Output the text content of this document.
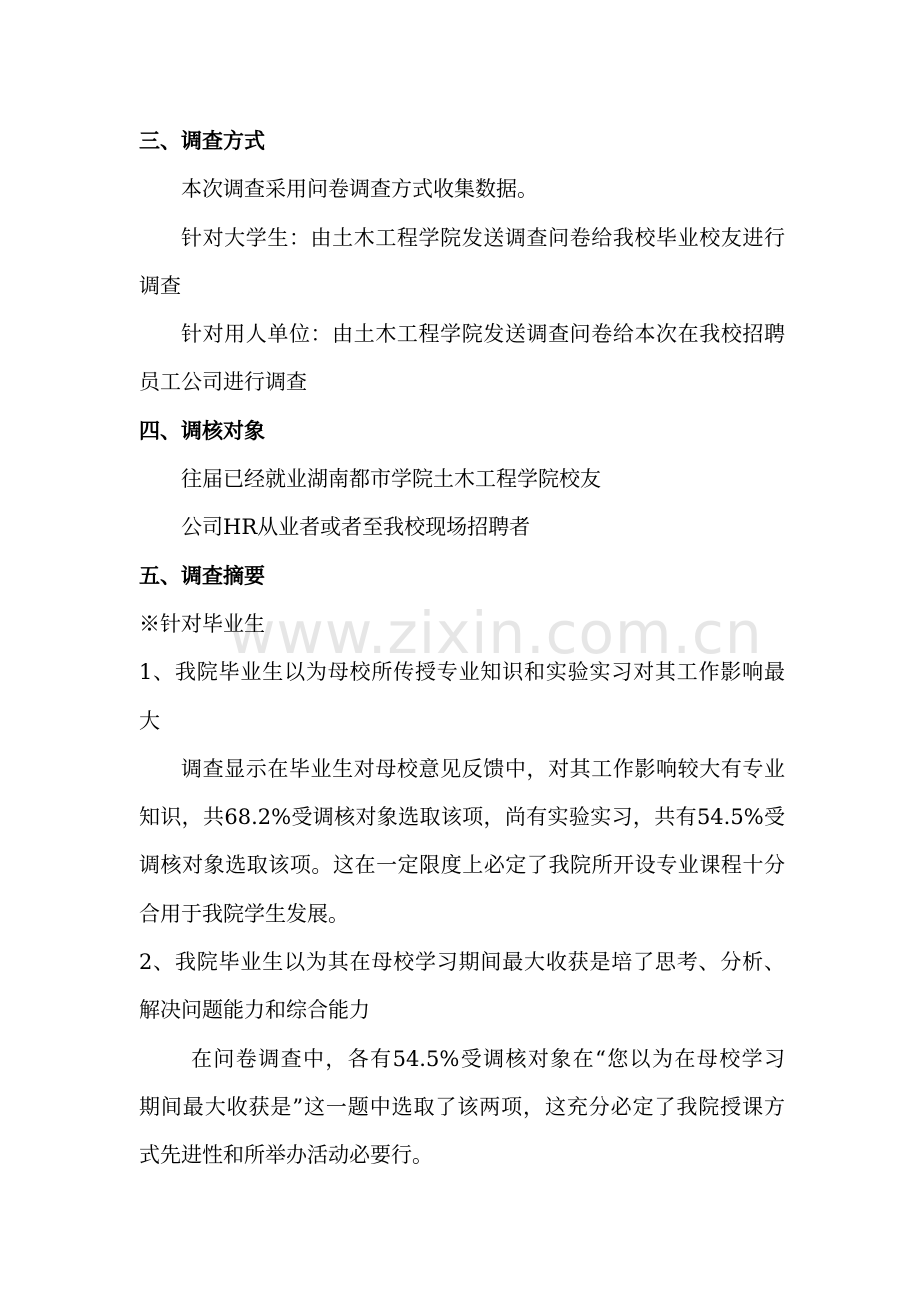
www.zixin.com.cn
三、调查方式
本次调查采用问卷调查方式收集数据。
针对大学生：由土木工程学院发送调查问卷给我校毕业校友进行
调查
针对用人单位：由土木工程学院发送调查问卷给本次在我校招聘
员工公司进行调查
四、调核对象
往届已经就业湖南都市学院土木工程学院校友
公司HR从业者或者至我校现场招聘者
五、调查摘要
※针对毕业生
1、我院毕业生以为母校所传授专业知识和实验实习对其工作影响最
大
调查显示在毕业生对母校意见反馈中，对其工作影响较大有专业
知识，共68.2%受调核对象选取该项，尚有实验实习，共有54.5%受
调核对象选取该项。这在一定限度上必定了我院所开设专业课程十分
合用于我院学生发展。
2、我院毕业生以为其在母校学习期间最大收获是培了思考、分析、
解决问题能力和综合能力
在问卷调查中，各有54.5%受调核对象在“您以为在母校学习
期间最大收获是”这一题中选取了该两项，这充分必定了我院授课方
式先进性和所举办活动必要行。
